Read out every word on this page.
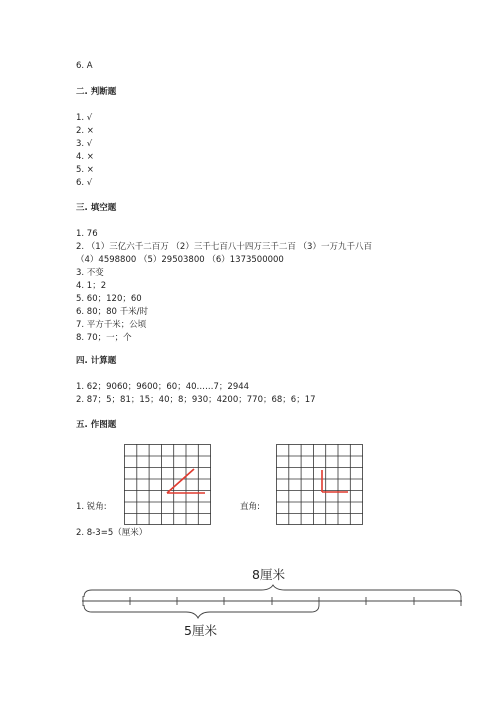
6. A
二. 判断题
1. √
2. ×
3. √
4. ×
5. ×
6. √
三. 填空题
1. 76
2. （1）三亿六千二百万 （2）三千七百八十四万三千二百 （3）一万九千八百
（4）4598800 （5）29503800 （6）1373500000
3. 不变
4. 1；2
5. 60；120；60
6. 80；80 千米/时
7. 平方千米；公顷
8. 70；一；个
四. 计算题
1. 62；9060；9600；60；40……7；2944
2. 87；5；81；15；40；8；930；4200；770；68；6；17
五. 作图题
1. 锐角:	直角:
2. 8-3=5（厘米）
8厘米
5厘米
